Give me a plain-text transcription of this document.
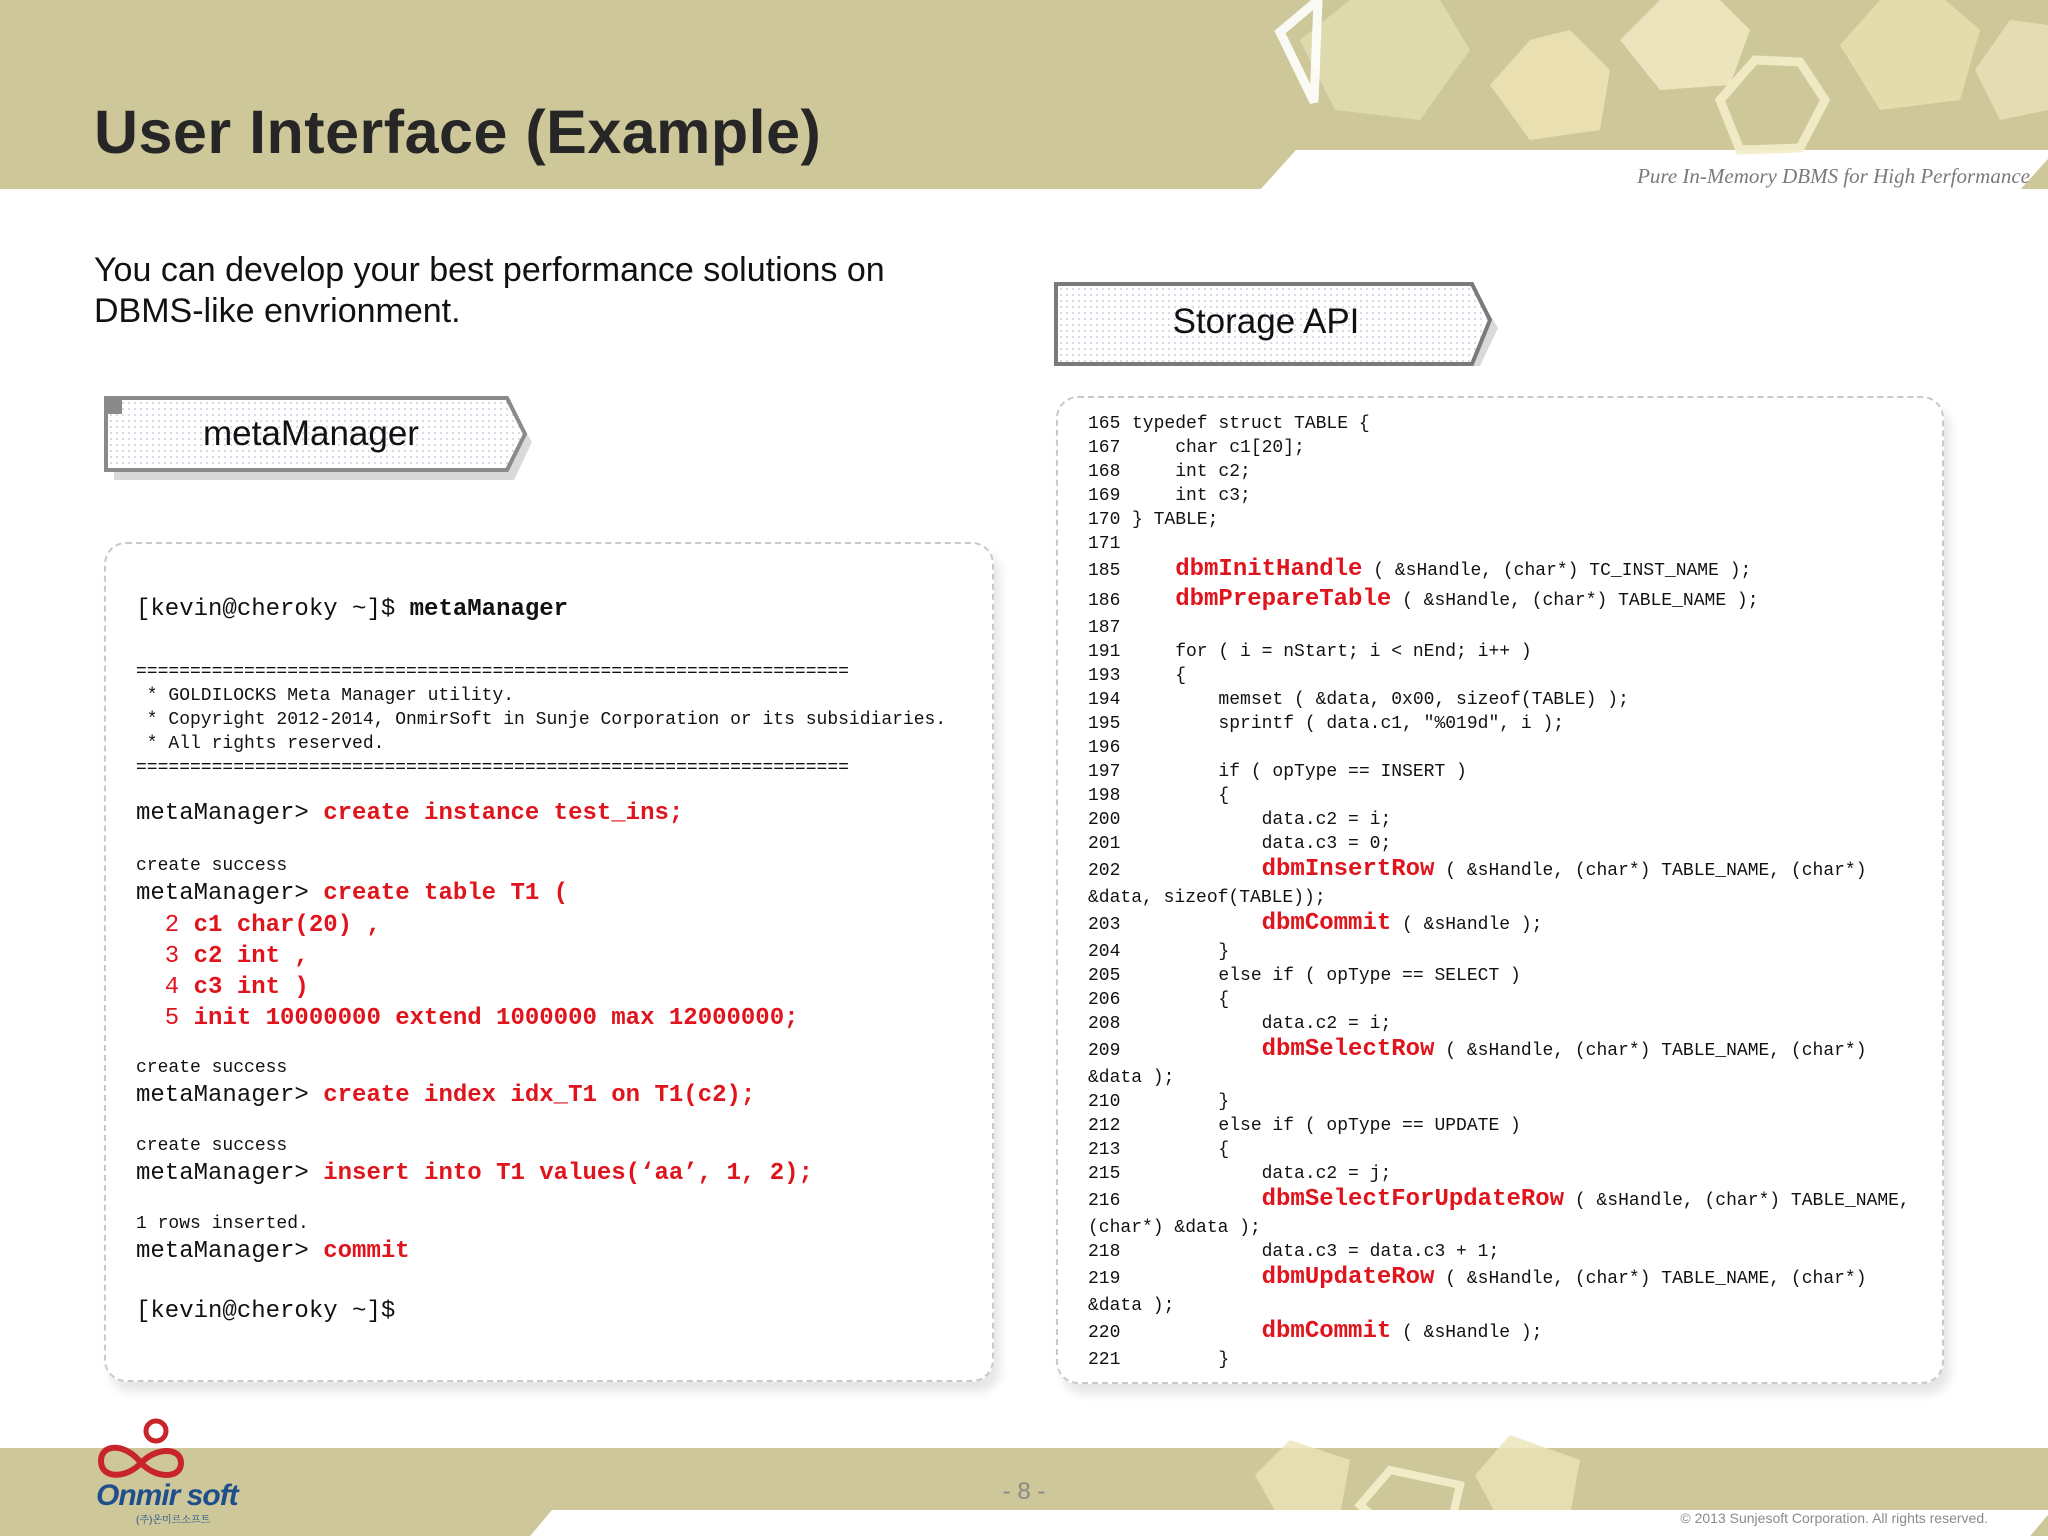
User Interface (Example)
Pure In-Memory DBMS for High Performance
You can develop your best performance solutions on
DBMS-like envrionment.
metaManager
Storage API
[kevin@cheroky ~]$ metaManager
==================================================================
* GOLDILOCKS Meta Manager utility.
* Copyright 2012-2014, OnmirSoft in Sunje Corporation or its subsidiaries.
* All rights reserved.
==================================================================
metaManager> create instance test_ins;
create success
metaManager> create table T1 (
2 c1 char(20) ,
3 c2 int ,
4 c3 int )
5 init 10000000 extend 1000000 max 12000000;
create success
metaManager> create index idx_T1 on T1(c2);
create success
metaManager> insert into T1 values(‘aa’, 1, 2);
1 rows inserted.
metaManager> commit
[kevin@cheroky ~]$
165 typedef struct TABLE {
167    char c1[20];
168    int c2;
169    int c3;
170 } TABLE;
171
185 dbmInitHandle ( &sHandle, (char*) TC_INST_NAME );
186 dbmPrepareTable ( &sHandle, (char*) TABLE_NAME );
187
191    for ( i = nStart; i < nEnd; i++ )
193    {
194        memset ( &data, 0x00, sizeof(TABLE) );
195        sprintf ( data.c1, "%019d", i );
196
197        if ( opType == INSERT )
198        {
200            data.c2 = i;
201            data.c3 = 0;
202	dbmInsertRow ( &sHandle, (char*) TABLE_NAME, (char*)
&data, sizeof(TABLE));
203	dbmCommit ( &sHandle );
204        }
205        else if ( opType == SELECT )
206        {
208            data.c2 = i;
209	dbmSelectRow ( &sHandle, (char*) TABLE_NAME, (char*)
&data );
210        }
212        else if ( opType == UPDATE )
213        {
215            data.c2 = j;
216	dbmSelectForUpdateRow ( &sHandle, (char*) TABLE_NAME,
(char*) &data );
218            data.c3 = data.c3 + 1;
219	dbmUpdateRow ( &sHandle, (char*) TABLE_NAME, (char*)
&data );
220	dbmCommit ( &sHandle );
221        }
- 8 -
© 2013 Sunjesoft Corporation. All rights reserved.
Onmir soft
(주)온미르소프트
